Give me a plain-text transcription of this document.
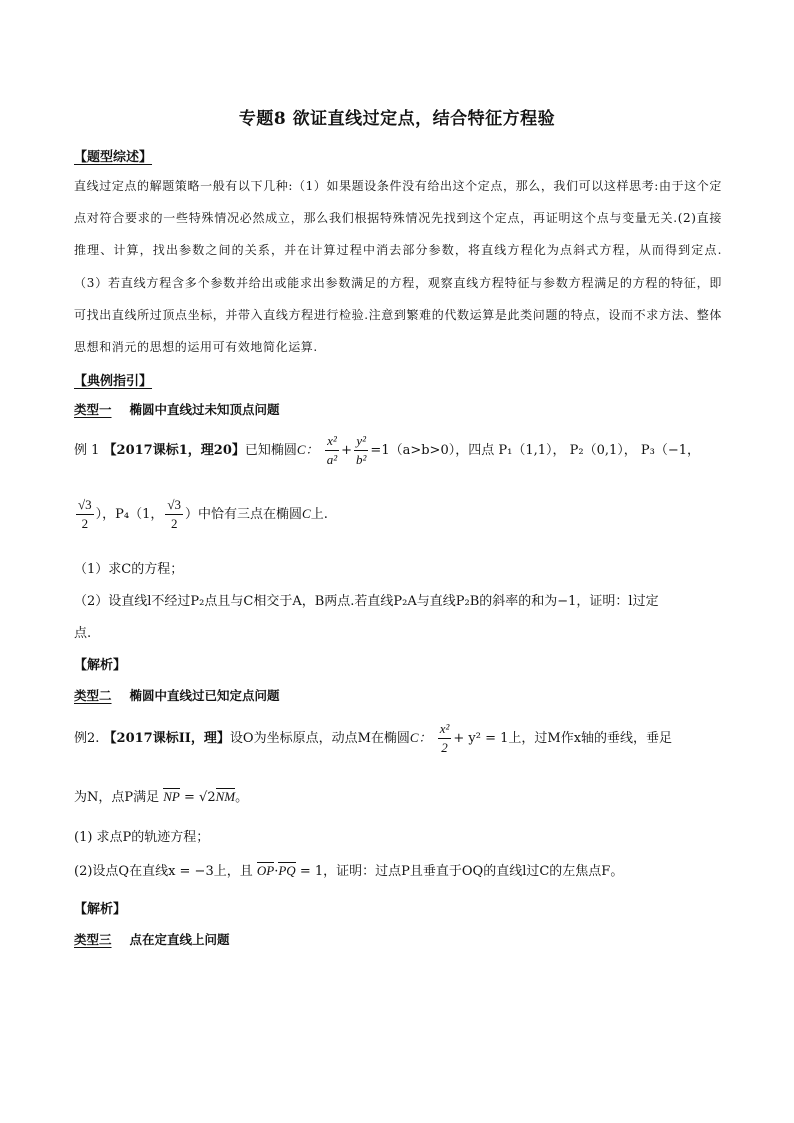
专题8 欲证直线过定点，结合特征方程验
【题型综述】
直线过定点的解题策略一般有以下几种:（1）如果题设条件没有给出这个定点，那么，我们可以这样思考:由于这个定点对符合要求的一些特殊情况必然成立，那么我们根据特殊情况先找到这个定点，再证明这个点与变量无关.(2)直接推理、计算，找出参数之间的关系，并在计算过程中消去部分参数，将直线方程化为点斜式方程，从而得到定点.（3）若直线方程含多个参数并给出或能求出参数满足的方程，观察直线方程特征与参数方程满足的方程的特征，即可找出直线所过顶点坐标，并带入直线方程进行检验.注意到繁难的代数运算是此类问题的特点，设而不求方法、整体思想和消元的思想的运用可有效地简化运算.
【典例指引】
类型一 椭圆中直线过未知顶点问题
例 1 【2017课标1，理20】已知椭圆C： $\frac{\text{x²}}{\text{a²}} + \frac{\text{y²}}{\text{b²}} =1(a>b>0)$，四点 P₁（1,1）， P₂（0,1）， P₃（−1，
$\frac{√3}{2}$ ），P₄（1， $\frac{√3}{2}$ ）中恰有三点在椭圆C上.
（1）求C的方程；
（2）设直线l不经过P₂点且与C相交于A，B两点.若直线P₂A与直线P₂B的斜率的和为−1，证明：l过定
点.
【解析】
类型二 椭圆中直线过已知定点问题
例2. 【2017课标II，理】设O为坐标原点，动点M在椭圆C： $\frac{\text{x²}}{2} + y^2 = 1$上，过M作x轴的垂线，垂足
为N，点P满足 NP = √2NM。
(1) 求点P的轨迹方程；
(2)设点Q在直线x = −3上，且 OP·PQ = 1，证明：过点P且垂直于OQ的直线l过C的左焦点F。
【解析】
类型三 点在定直线上问题
